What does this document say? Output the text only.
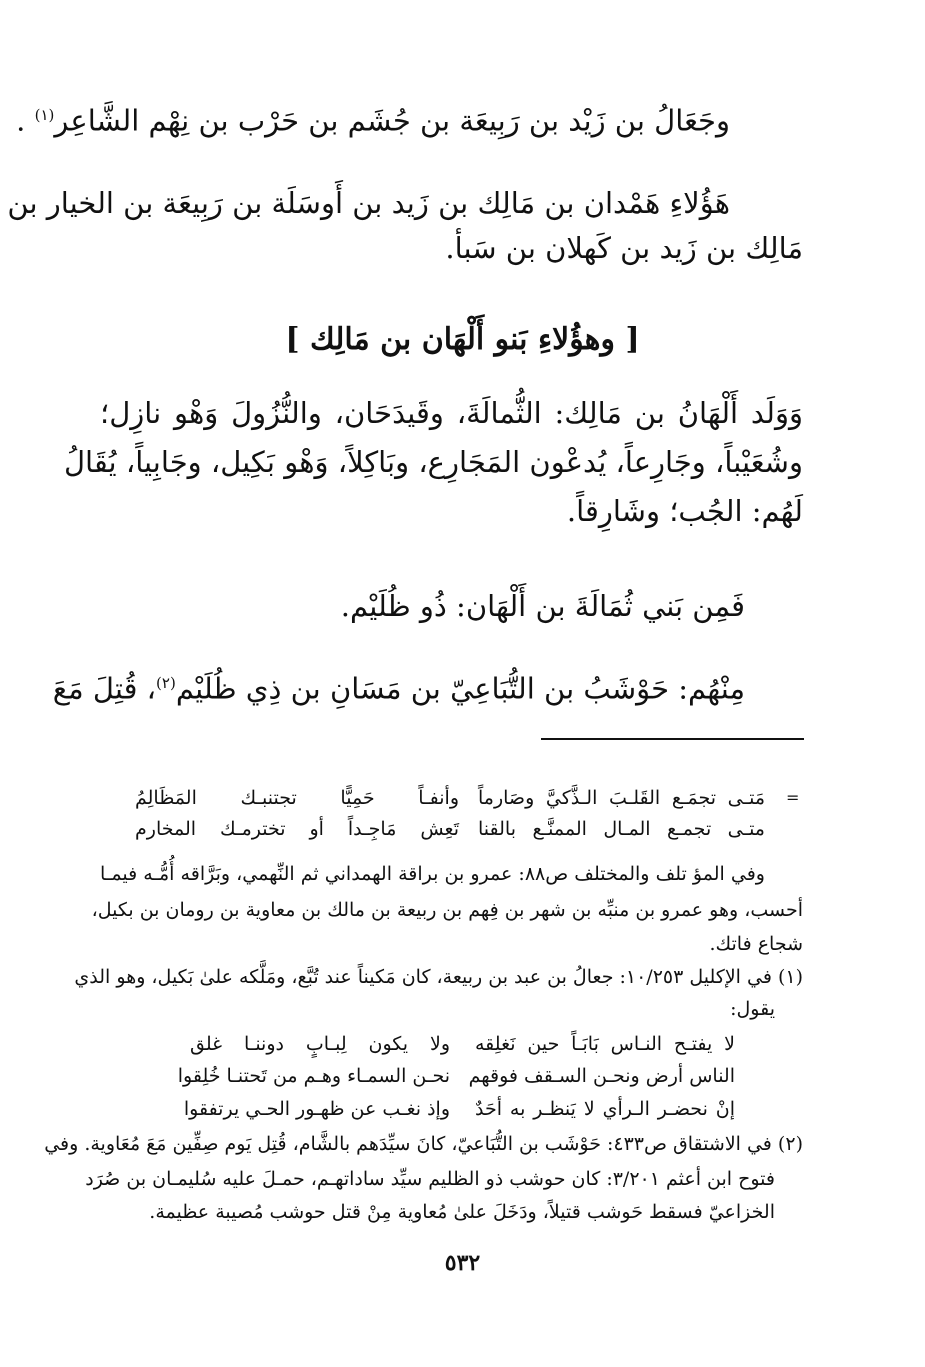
وجَعَالُ بن زَيْد بن رَبِيعَة بن جُشَم بن حَرْب بن نِهْم الشَّاعِر$^{(١)}$ .
هَؤُلاءِ هَمْدان بن مَالِك بن زَيد بن أَوسَلَة بن رَبِيعَة بن الخيار بن
مَالِك بن زَيد بن كَهلان بن سَبأ.
[ وهؤُلاءِ بَنو أَلْهَان بن مَالِك ]
وَوَلَد أَلْهَانُ بن مَالِك: الثُّمالَةَ، وقَيدَحَان، والنُّزُولَ وَهْو نازِل؛
وشُعَيْباً، وجَارِعاً، يُدعْون المَجَارِع، وبَاكِلاً، وَهْو بَكِيل، وجَابِياً، يُقَالُ
لَهُم: الجُب؛ وشَارِقاً.
فَمِن بَني ثُمَالَةَ بن أَلْهَان: ذُو ظُلَيْم.
مِنْهُم: حَوْشَبُ بن التُّبَاعِيّ بن مَسَانِ بن ذِي ظُلَيْم$^{(٢)}$، قُتِلَ مَعَ
=
مَتـى تجمَـع القَلـبَ الـذَّكيَّ وصَارماً
وأنفـاً حَمِيًّا تجتنبـك المَظَالِمُ
متـى تجمـع المـال الممنَّـع بالقنا
تَعِش مَاجِـداً أو تخترمـك المخارم
وفي المؤ تلف والمختلف ص٨٨: عمرو بن براقة الهمداني ثم النِّهمي، وبَرَّاقه أُمُّـه فيمـا
أحسب، وهو عمرو بن منبِّه بن شهر بن فِهم بن ربيعة بن مالك بن معاوية بن رومان بن بكيل،
شجاع فاتك.
(١) في الإكليل ١٠/٢٥٣: جعالُ بن عبد بن ربيعة، كان مَكيناً عند تُبَّع، ومَلَّكه علىٰ بَكيل، وهو الذي
يقول:
لا يفتـح النـاس بَابَـاً حين نَغلِقه
ولا يكون لِبـابٍ دوننـا غلق
الناس أرض ونحـن السـقف فوقهم
نحـن السمـاء وهـم من تَحتنـا خُلِقوا
إنْ نحضـر الـرأي لا يَنظـر به أحَدٌ
وإذ نغـب عن ظهـور الحـي يرتفقوا
(٢) في الاشتقاق ص٤٣٣: حَوْشَب بن التُّبَاعيّ، كانَ سيِّدَهم بالشَّام، قُتِل يَوم صِفِّين مَعَ مُعَاوية. وفي
فتوح ابن أعثم ٣/٢٠١: كان حوشب ذو الظليم سيِّد ساداتهـم، حمـلَ عليه سُليمـان بن صُرَد
الخزاعيّ فسقط حَوشب قتيلاً، ودَخَلَ علىٰ مُعاوية مِنْ قتل حوشب مُصيبة عظيمة.
٥٣٢
